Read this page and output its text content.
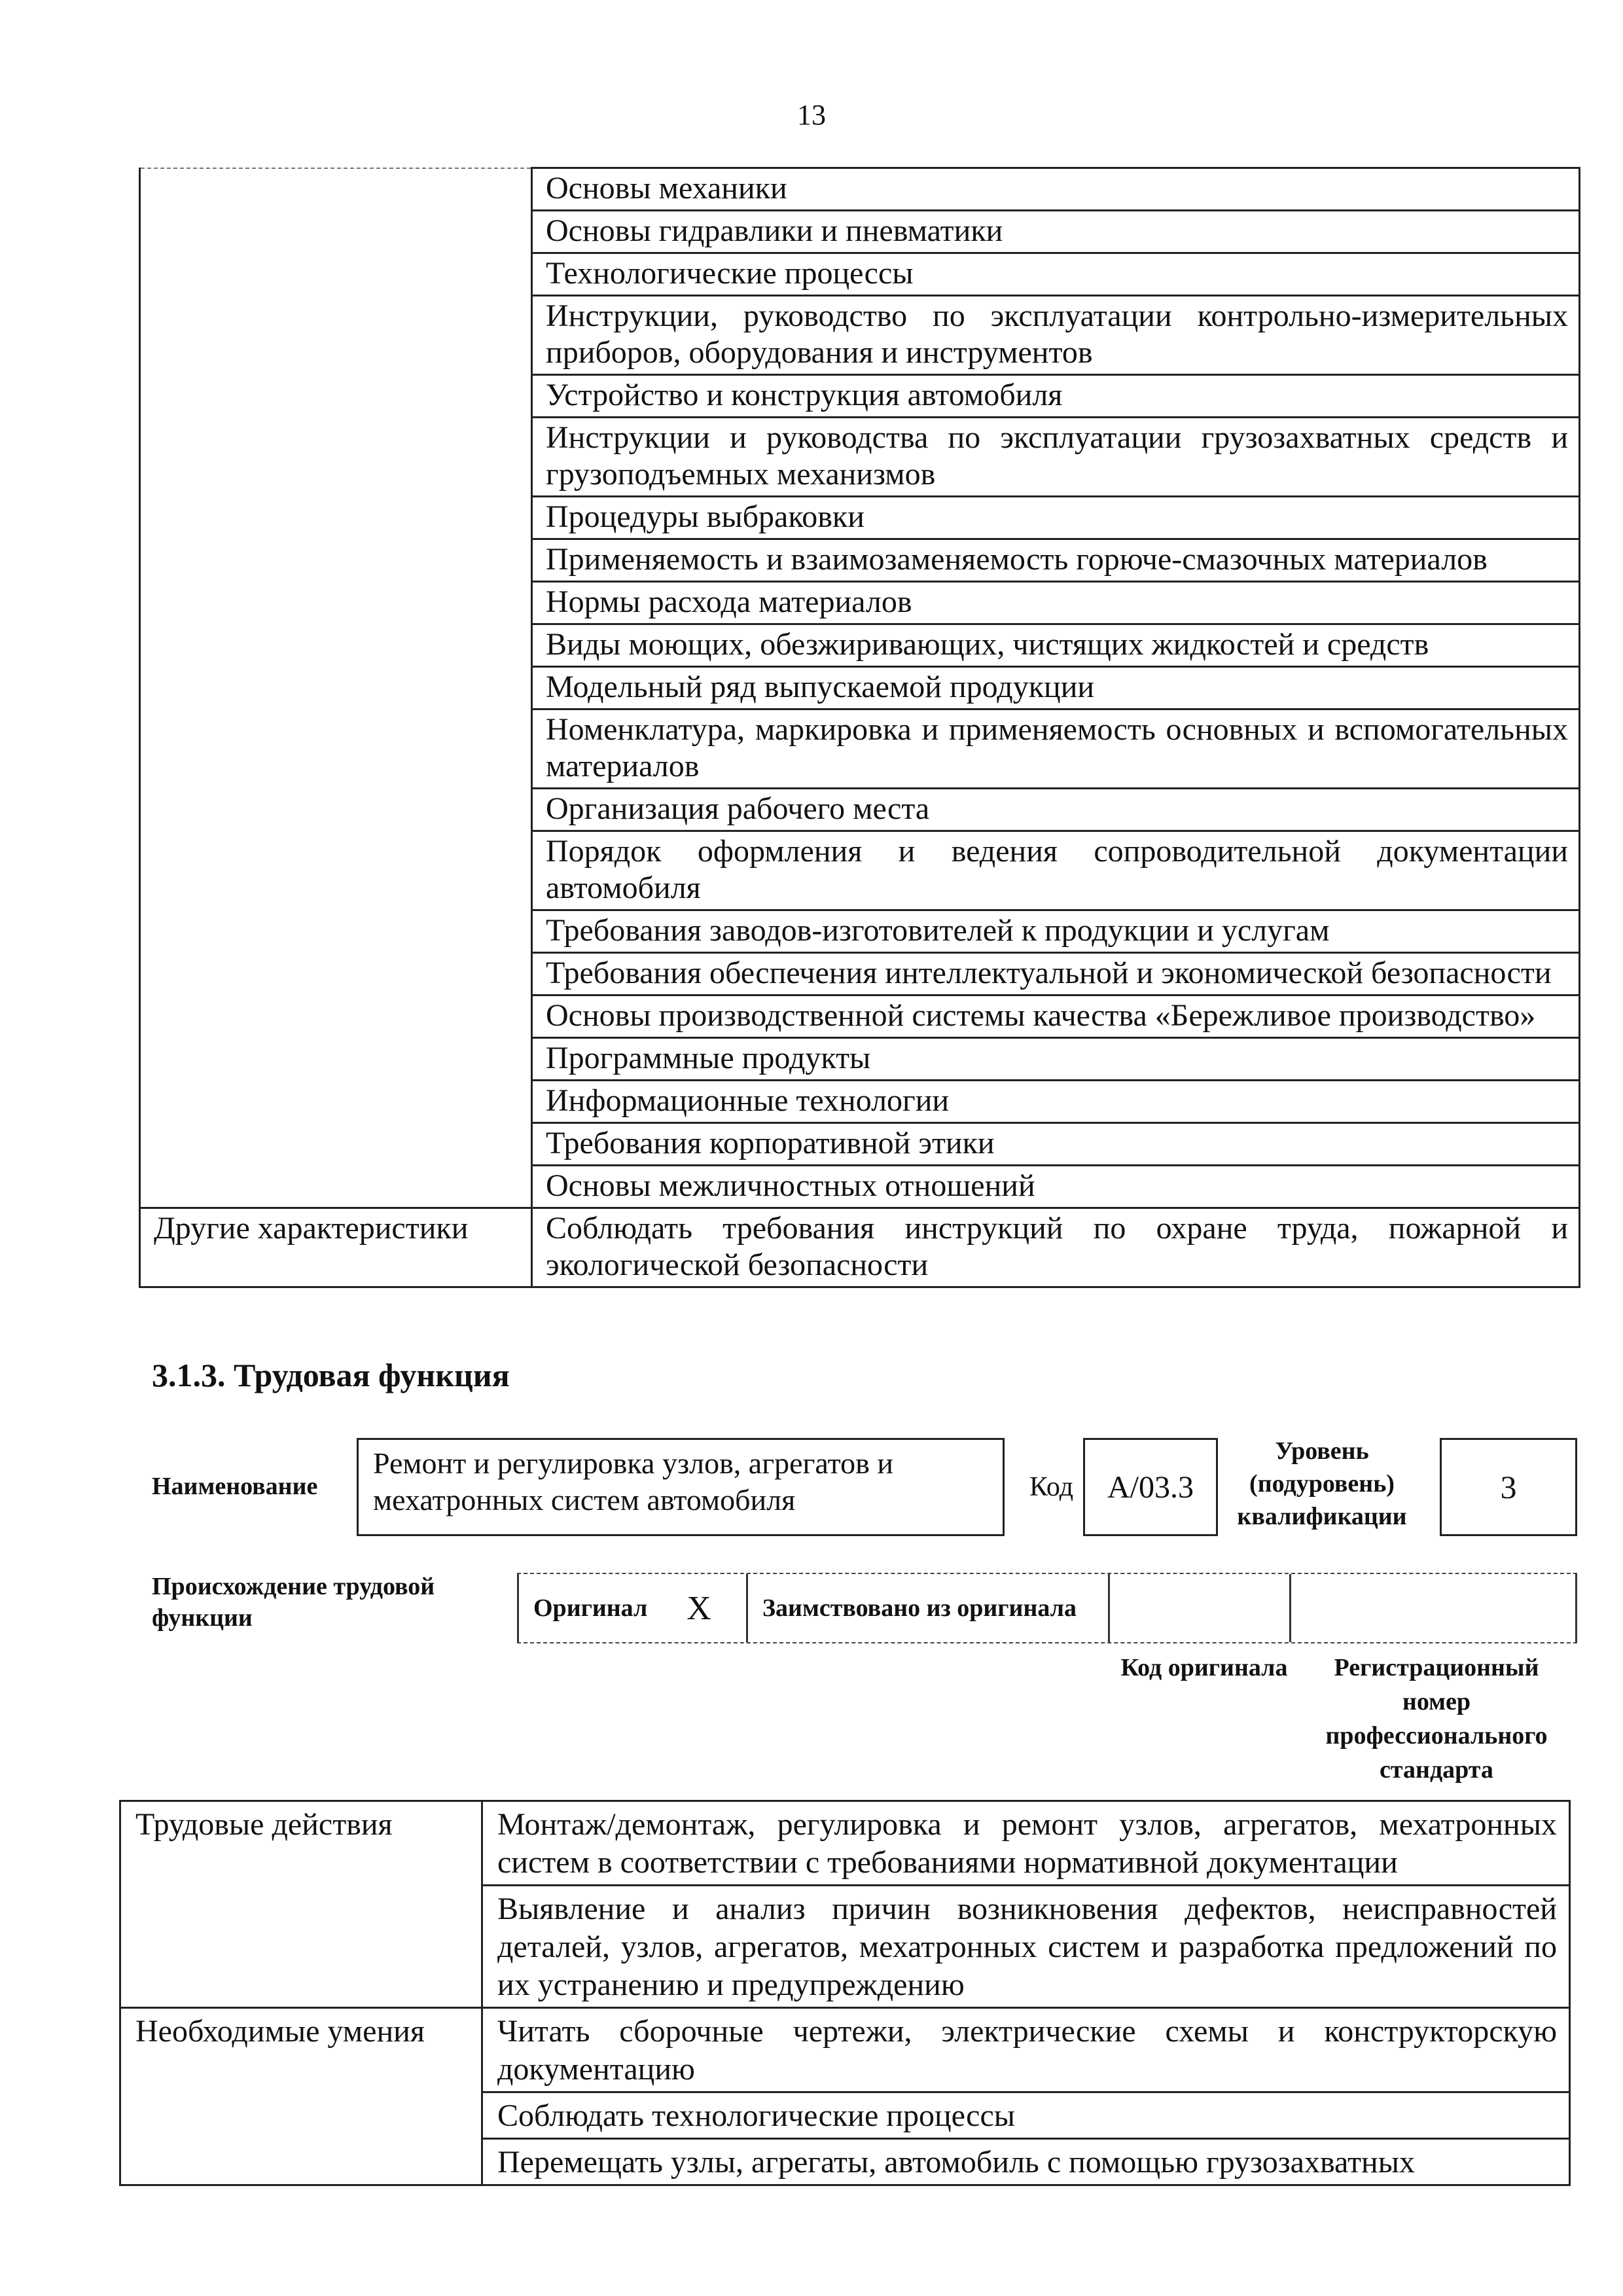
13
	Основы механики
	Основы гидравлики и пневматики
	Технологические процессы
	Инструкции, руководство по эксплуатации контрольно-измерительных приборов, оборудования и инструментов
	Устройство и конструкция автомобиля
	Инструкции и руководства по эксплуатации грузозахватных средств и грузоподъемных механизмов
	Процедуры выбраковки
	Применяемость и взаимозаменяемость горюче-смазочных материалов
	Нормы расхода материалов
	Виды моющих, обезжиривающих, чистящих жидкостей и средств
	Модельный ряд выпускаемой продукции
	Номенклатура, маркировка и применяемость основных и вспомогательных материалов
	Организация рабочего места
	Порядок оформления и ведения сопроводительной документации автомобиля
	Требования заводов-изготовителей к продукции и услугам
	Требования обеспечения интеллектуальной и экономической безопасности
	Основы производственной системы качества «Бережливое производство»
	Программные продукты
	Информационные технологии
	Требования корпоративной этики
	Основы межличностных отношений
Другие характеристики	Соблюдать требования инструкций по охране труда, пожарной и экологической безопасности
3.1.3. Трудовая функция
Наименование
Ремонт и регулировка узлов, агрегатов и мехатронных систем автомобиля	Код	А/03.3
Уровень (подуровень) квалификации
3
Происхождение трудовой функции	Оригинал X Заимствовано из оригинала
Код оригинала	Регистрационный номер профессионального стандарта
Трудовые действия	Монтаж/демонтаж, регулировка и ремонт узлов, агрегатов, мехатронных систем в соответствии с требованиями нормативной документации
	Выявление и анализ причин возникновения дефектов, неисправностей деталей, узлов, агрегатов, мехатронных систем и разработка предложений по их устранению и предупреждению
Необходимые умения	Читать сборочные чертежи, электрические схемы и конструкторскую документацию
	Соблюдать технологические процессы
	Перемещать узлы, агрегаты, автомобиль с помощью грузозахватных
